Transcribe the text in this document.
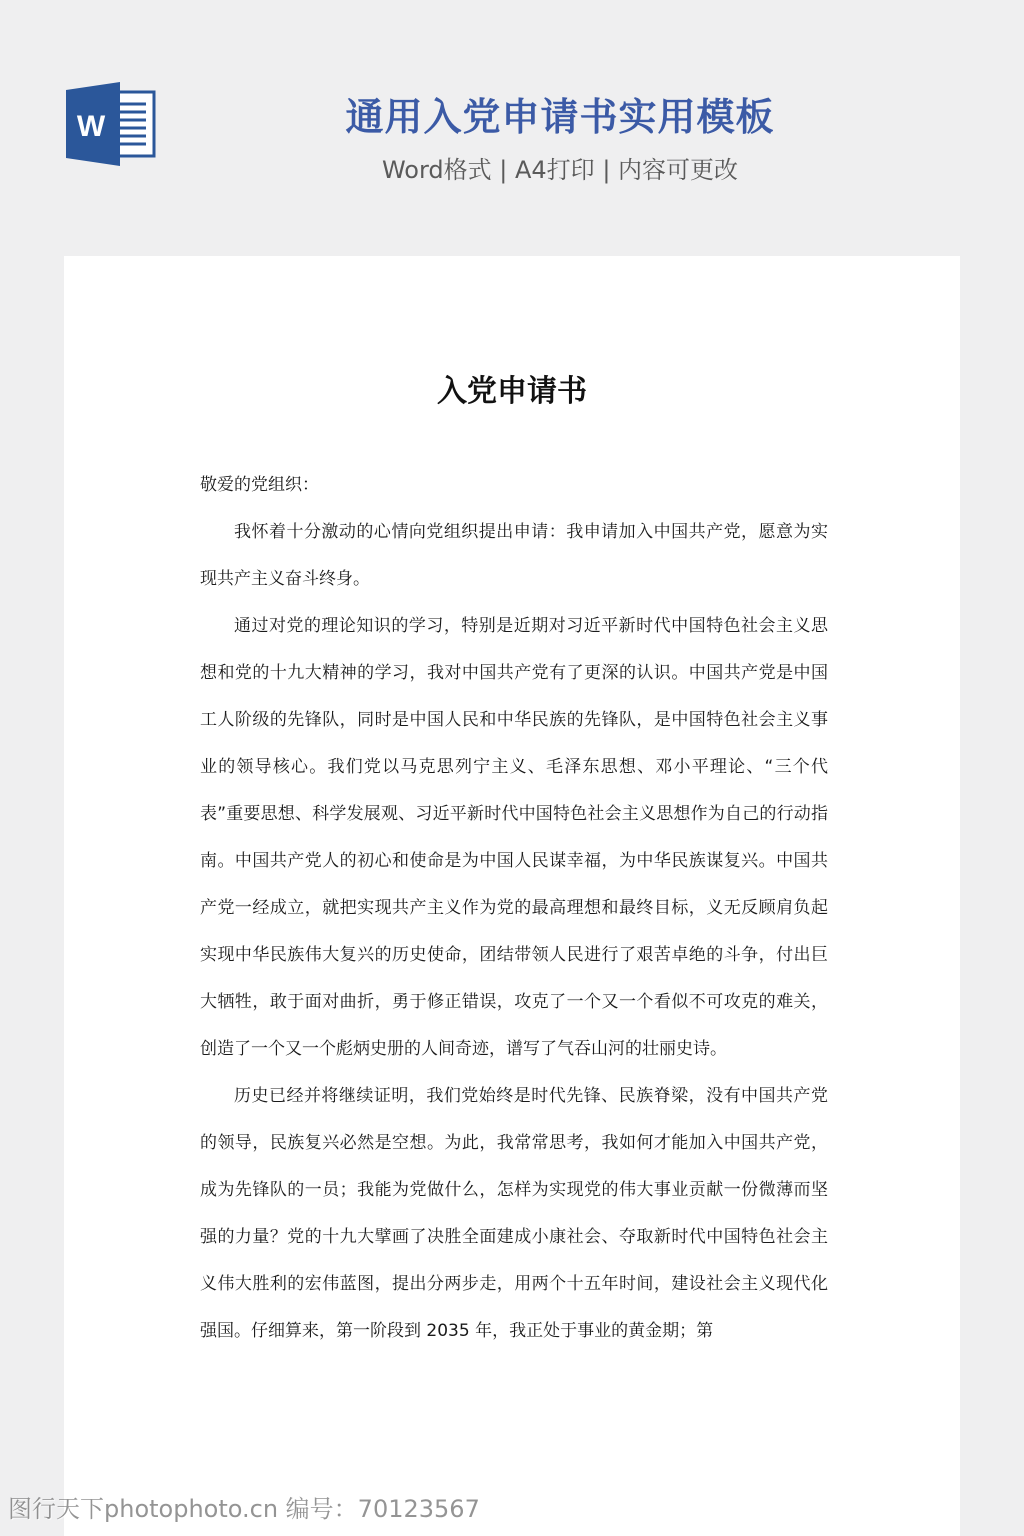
W	通用入党申请书实用模板
Word格式 | A4打印 | 内容可更改
入党申请书

敬爱的党组织：

我怀着十分激动的心情向党组织提出申请：我申请加入中国共产党，愿意为实现共产主义奋斗终身。

通过对党的理论知识的学习，特别是近期对习近平新时代中国特色社会主义思想和党的十九大精神的学习，我对中国共产党有了更深的认识。中国共产党是中国工人阶级的先锋队，同时是中国人民和中华民族的先锋队，是中国特色社会主义事业的领导核心。我们党以马克思列宁主义、毛泽东思想、邓小平理论、“三个代表”重要思想、科学发展观、习近平新时代中国特色社会主义思想作为自己的行动指南。中国共产党人的初心和使命是为中国人民谋幸福，为中华民族谋复兴。中国共产党一经成立，就把实现共产主义作为党的最高理想和最终目标，义无反顾肩负起实现中华民族伟大复兴的历史使命，团结带领人民进行了艰苦卓绝的斗争，付出巨大牺牲，敢于面对曲折，勇于修正错误，攻克了一个又一个看似不可攻克的难关，创造了一个又一个彪炳史册的人间奇迹，谱写了气吞山河的壮丽史诗。

历史已经并将继续证明，我们党始终是时代先锋、民族脊梁，没有中国共产党的领导，民族复兴必然是空想。为此，我常常思考，我如何才能加入中国共产党，成为先锋队的一员；我能为党做什么，怎样为实现党的伟大事业贡献一份微薄而坚强的力量？党的十九大擘画了决胜全面建成小康社会、夺取新时代中国特色社会主义伟大胜利的宏伟蓝图，提出分两步走，用两个十五年时间，建设社会主义现代化强国。仔细算来，第一阶段到 2035 年，我正处于事业的黄金期；第

图行天下photophoto.cn 编号：70123567
